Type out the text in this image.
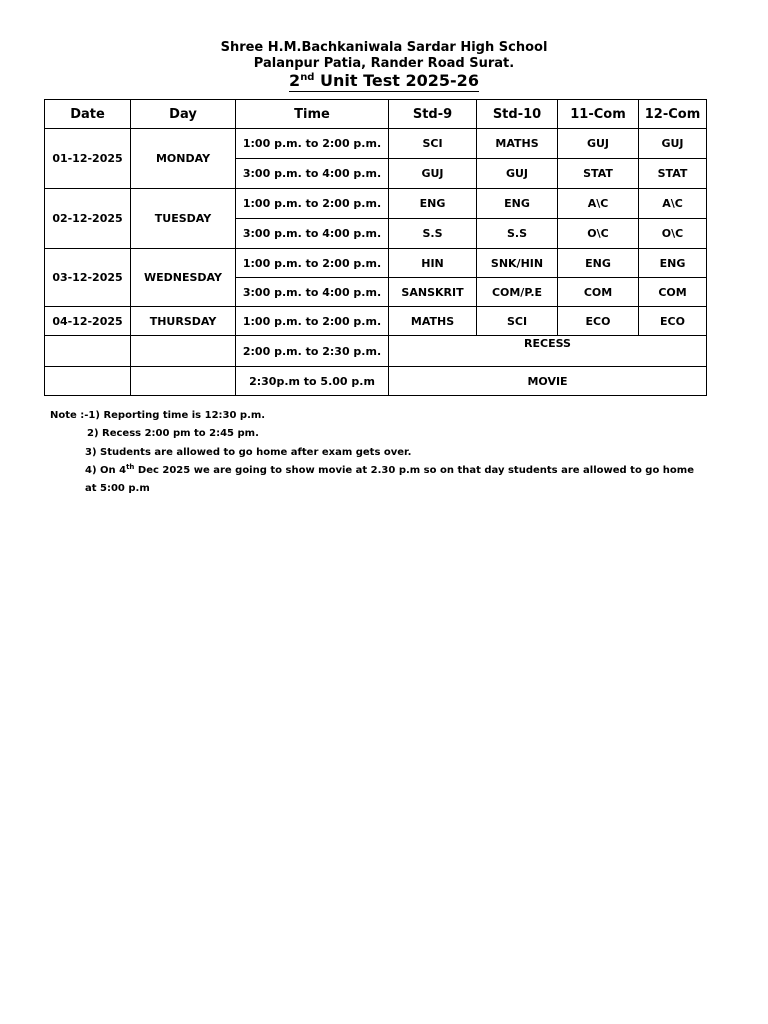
Shree H.M.Bachkaniwala Sardar High School
Palanpur Patia, Rander Road Surat.
2nd Unit Test 2025-26
Date	Day	Time	Std-9	Std-10	11-Com	12-Com
01-12-2025	MONDAY	1:00 p.m. to 2:00 p.m.	SCI	MATHS	GUJ	GUJ
		3:00 p.m. to 4:00 p.m.	GUJ	GUJ	STAT	STAT
02-12-2025	TUESDAY	1:00 p.m. to 2:00 p.m.	ENG	ENG	A\C	A\C
		3:00 p.m. to 4:00 p.m.	S.S	S.S	O\C	O\C
03-12-2025	WEDNESDAY	1:00 p.m. to 2:00 p.m.	HIN	SNK/HIN	ENG	ENG
		3:00 p.m. to 4:00 p.m.	SANSKRIT	COM/P.E	COM	COM
04-12-2025	THURSDAY	1:00 p.m. to 2:00 p.m.	MATHS	SCI	ECO	ECO
		2:00 p.m. to 2:30 p.m.	RECESS			
		2:30p.m to 5.00 p.m	MOVIE			
Note :-1) Reporting time is 12:30 p.m.
2) Recess 2:00 pm to 2:45 pm.
3) Students are allowed to go home after exam gets over.
4) On 4th Dec 2025 we are going to show movie at 2.30 p.m so on that day students are allowed to go home
at 5:00 p.m
